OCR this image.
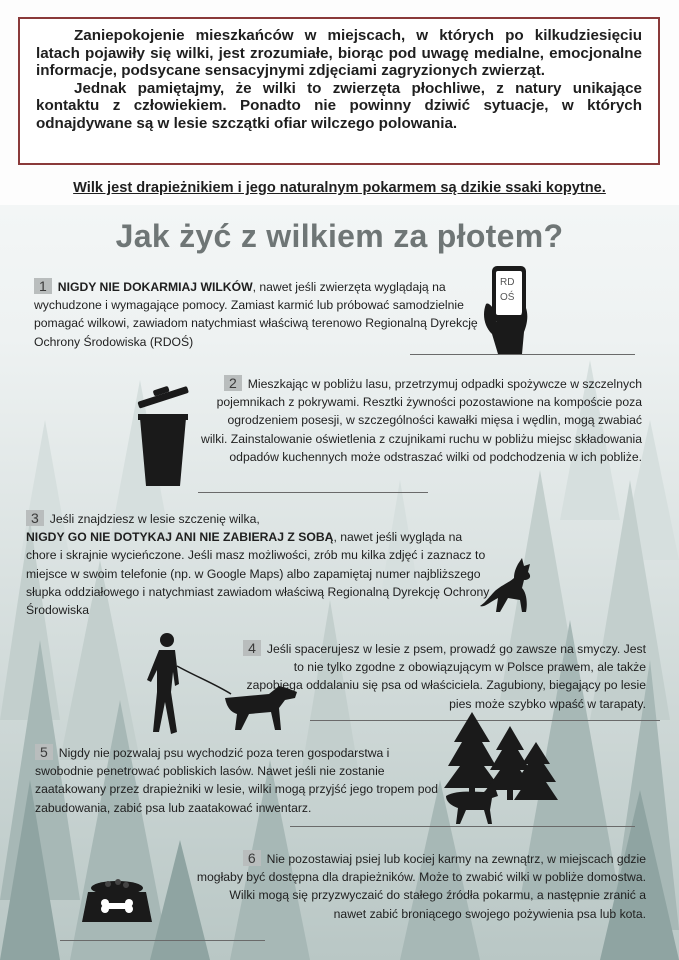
Zaniepokojenie mieszkańców w miejscach, w których po kilkudziesięciu latach pojawiły się wilki, jest zrozumiałe, biorąc pod uwagę medialne, emocjonalne informacje, podsycane sensacyjnymi zdjęciami zagryzionych zwierząt.

Jednak pamiętajmy, że wilki to zwierzęta płochliwe, z natury unikające kontaktu z człowiekiem. Ponadto nie powinny dziwić sytuacje, w których odnajdywane są w lesie szczątki ofiar wilczego polowania.

Wilk jest drapieżnikiem i jego naturalnym pokarmem są dzikie ssaki kopytne.
Jak żyć z wilkiem za płotem?
1 NIGDY NIE DOKARMIAJ WILKÓW, nawet jeśli zwierzęta wyglądają na wychudzone i wymagające pomocy. Zamiast karmić lub próbować samodzielnie pomagać wilkowi, zawiadom natychmiast właściwą terenowo Regionalną Dyrekcję Ochrony Środowiska (RDOŚ)
RD
OŚ
2 Mieszkając w pobliżu lasu, przetrzymuj odpadki spożywcze w szczelnych pojemnikach z pokrywami. Resztki żywności pozostawione na kompoście poza ogrodzeniem posesji, w szczególności kawałki mięsa i wędlin, mogą zwabiać wilki. Zainstalowanie oświetlenia z czujnikami ruchu w pobliżu miejsc składowania odpadów kuchennych może odstraszać wilki od podchodzenia w ich pobliże.
3 Jeśli znajdziesz w lesie szczenię wilka,
NIGDY GO NIE DOTYKAJ ANI NIE ZABIERAJ Z SOBĄ, nawet jeśli wygląda na chore i skrajnie wycieńczone. Jeśli masz możliwości, zrób mu kilka zdjęć i zaznacz to miejsce w swoim telefonie (np. w Google Maps) albo zapamiętaj numer najbliższego słupka oddziałowego i natychmiast zawiadom właściwą Regionalną Dyrekcję Ochrony Środowiska
4 Jeśli spacerujesz w lesie z psem, prowadź go zawsze na smyczy. Jest to nie tylko zgodne z obowiązującym w Polsce prawem, ale także zapobiega oddalaniu się psa od właściciela. Zagubiony, biegający po lesie pies może szybko wpaść w tarapaty.
5 Nigdy nie pozwalaj psu wychodzić poza teren gospodarstwa i swobodnie penetrować pobliskich lasów. Nawet jeśli nie zostanie zaatakowany przez drapieżniki w lesie, wilki mogą przyjść jego tropem pod zabudowania, zabić psa lub zaatakować inwentarz.
6 Nie pozostawiaj psiej lub kociej karmy na zewnątrz, w miejscach gdzie mogłaby być dostępna dla drapieżników. Może to zwabić wilki w pobliże domostwa. Wilki mogą się przyzwyczaić do stałego źródła pokarmu, a następnie zranić a nawet zabić broniącego swojego pożywienia psa lub kota.
